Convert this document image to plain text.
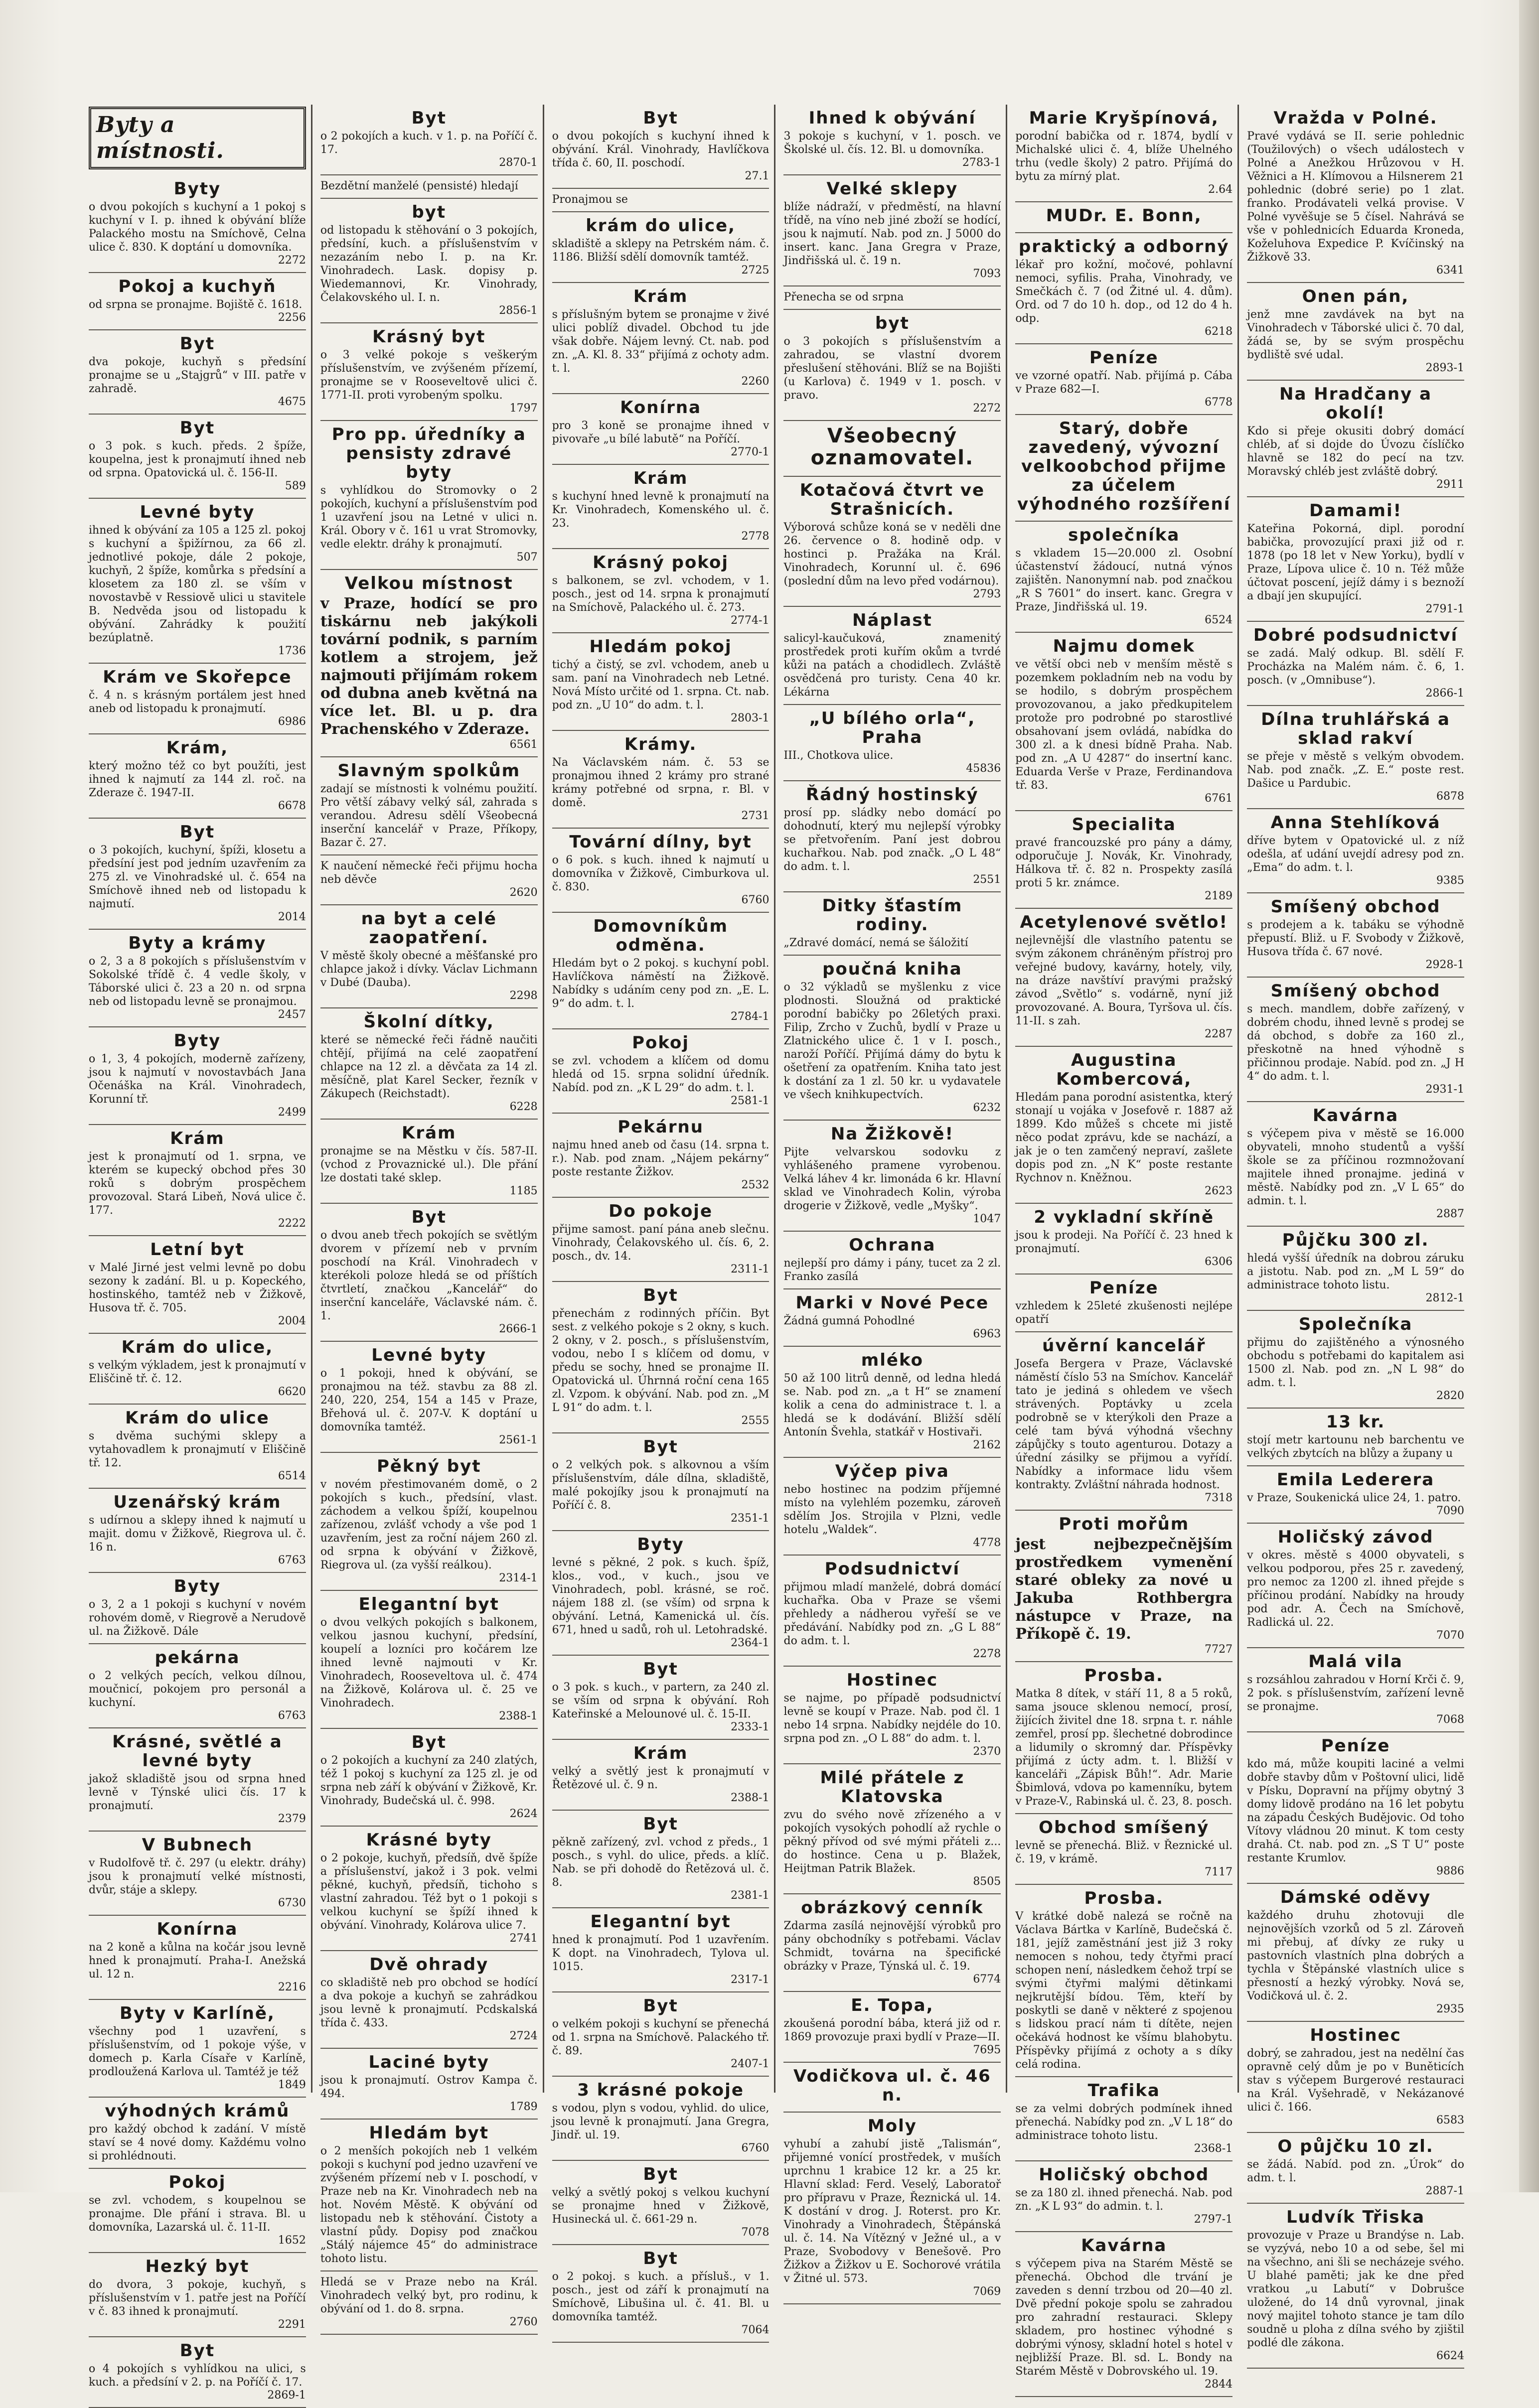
Byty a místnosti.
Byty

o dvou pokojích s kuchyní a 1 pokoj s kuchyní v I. p. ihned k obývání blíže Palackého mostu na Smíchově, Celna ulice č. 830. K doptání u domovníka.

2272
Pokoj a kuchyň

od srpna se pronajme. Bojiště č. 1618.

2256
Byt

dva pokoje, kuchyň s předsíní pronajme se u „Stajgrů“ v III. patře v zahradě.

4675
Byt

o 3 pok. s kuch. předs. 2 špíže, koupelna, jest k pronajmutí ihned neb od srpna. Opatovická ul. č. 156-II.

589
Levné byty

ihned k obývání za 105 a 125 zl. pokoj s kuchyní a špižírnou, za 66 zl. jednotlivé pokoje, dále 2 pokoje, kuchyň, 2 špíže, komůrka s předsíní a klosetem za 180 zl. se vším v novostavbě v Ressiově ulici u stavitele B. Nedvěda jsou od listopadu k obývání. Zahrádky k použití bezúplatně.

1736
Krám ve Skořepce

č. 4 n. s krásným portálem jest hned aneb od listopadu k pronajmutí.

6986
Krám,

který možno též co byt použíti, jest ihned k najmutí za 144 zl. roč. na Zderaze č. 1947-II.

6678
Byt

o 3 pokojích, kuchyní, špíži, klosetu a předsíní jest pod jedním uzavřením za 275 zl. ve Vinohradské ul. č. 654 na Smíchově ihned neb od listopadu k najmutí.

2014
Byty a krámy

o 2, 3 a 8 pokojích s příslušenstvím v Sokolské třídě č. 4 vedle školy, v Táborské ulici č. 23 a 20 n. od srpna neb od listopadu levně se pronajmou.

2457
Byty

o 1, 3, 4 pokojích, moderně zařízeny, jsou k najmutí v novostavbách Jana Očenáška na Král. Vinohradech, Korunní tř.

2499
Krám

jest k pronajmutí od 1. srpna, ve kterém se kupecký obchod přes 30 roků s dobrým prospěchem provozoval. Stará Libeň, Nová ulice č. 177.

2222
Letní byt

v Malé Jirné jest velmi levně po dobu sezony k zadání. Bl. u p. Kopeckého, hostinského, tamtéž neb v Žižkově, Husova tř. č. 705.

2004
Krám do ulice,

s velkým výkladem, jest k pronajmutí v Eliščině tř. č. 12.

6620
Krám do ulice

s dvěma suchými sklepy a vytahovadlem k pronajmutí v Eliščině tř. 12.

6514
Uzenářský krám

s udírnou a sklepy ihned k najmutí u majit. domu v Žižkově, Riegrova ul. č. 16 n.

6763
Byty

o 3, 2 a 1 pokoji s kuchyní v novém rohovém domě, v Riegrově a Nerudově ul. na Žižkově. Dále

pekárna

o 2 velkých pecích, velkou dílnou, moučnicí, pokojem pro personál a kuchyní.

6763
Krásné, světlé a levné byty

jakož skladiště jsou od srpna hned levně v Týnské ulici čís. 17 k pronajmutí.

2379
V Bubnech

v Rudolfově tř. č. 297 (u elektr. dráhy) jsou k pronajmutí velké místnosti, dvůr, stáje a sklepy.

6730
Konírna

na 2 koně a kůlna na kočár jsou levně hned k pronajmutí. Praha-I. Anežská ul. 12 n.

2216
Byty v Karlíně,

všechny pod 1 uzavření, s příslušenstvím, od 1 pokoje výše, v domech p. Karla Císaře v Karlíně, prodloužená Karlova ul. Tamtéž je též

1849
výhodných krámů

pro každý obchod k zadání. V místě staví se 4 nové domy. Každému volno si prohlédnouti.

Pokoj

se zvl. vchodem, s koupelnou se pronajme. Dle přání i strava. Bl. u domovníka, Lazarská ul. č. 11-II.

1652
Hezký byt

do dvora, 3 pokoje, kuchyň, s příslušenstvím v 1. patře jest na Poříčí v č. 83 ihned k pronajmutí.

2291
Byt

o 4 pokojích s vyhlídkou na ulici, s kuch. a předsíní v 2. p. na Poříčí č. 17.

2869-1
Byt

o 2 pokojích a kuch. v 1. p. na Poříčí č. 17.

2870-1

Bezdětní manželé (pensisté) hledají

byt

od listopadu k stěhování o 3 pokojích, předsíní, kuch. a příslušenstvím v nezazáním nebo I. p. na Kr. Vinohradech. Lask. dopisy p. Wiedemannovi, Kr. Vinohrady, Čelakovského ul. I. n.

2856-1
Krásný byt

o 3 velké pokoje s veškerým příslušenstvím, ve zvýšeném přízemí, pronajme se v Rooseveltově ulici č. 1771-II. proti vyrobeným spolku.

1797
Pro pp. úředníky a pensisty zdravé byty

s vyhlídkou do Stromovky o 2 pokojích, kuchyní a příslušenstvím pod 1 uzavření jsou na Letné v ulici n. Král. Obory v č. 161 u vrat Stromovky, vedle elektr. dráhy k pronajmutí.

507
Velkou místnost

v Praze, hodící se pro tiskárnu neb jakýkoli tovární podnik, s parním kotlem a strojem, jež najmouti přijímám rokem od dubna aneb květná na více let. Bl. u p. dra Prachenského v Zderaze.

6561
Slavným spolkům

zadají se místnosti k volnému použití. Pro větší zábavy velký sál, zahrada s verandou. Adresu sdělí Všeobecná inserční kancelář v Praze, Příkopy, Bazar č. 27.

K naučení německé řeči přijmu hocha neb děvče

2620
na byt a celé zaopatření.

V městě školy obecné a měšťanské pro chlapce jakož i dívky. Václav Lichmann v Dubé (Dauba).

2298
Školní dítky,

které se německé řeči řádně naučiti chtějí, přijímá na celé zaopatření chlapce na 12 zl. a děvčata za 14 zl. měsíčně, plat Karel Secker, řezník v Zákupech (Reichstadt).

6228
Krám

pronajme se na Městku v čís. 587-II. (vchod z Provaznické ul.). Dle přání lze dostati také sklep.

1185
Byt

o dvou aneb třech pokojích se světlým dvorem v přízemí neb v prvním poschodí na Král. Vinohradech v kterékoli poloze hledá se od příštích čtvrtletí, značkou „Kancelář“ do inserční kanceláře, Václavské nám. č. 1.

2666-1
Levné byty

o 1 pokoji, hned k obývání, se pronajmou na též. stavbu za 88 zl. 240, 220, 254, 154 a 145 v Praze, Břehová ul. č. 207-V. K doptání u domovníka tamtéž.

2561-1
Pěkný byt

v novém přestimovaném domě, o 2 pokojích s kuch., předsíní, vlast. záchodem a velkou špíží, koupelnou zařízenou, zvlášť vchody a vše pod 1 uzavřením, jest za roční nájem 260 zl. od srpna k obývání v Žižkově, Riegrova ul. (za vyšší reálkou).

2314-1
Elegantní byt

o dvou velkých pokojích s balkonem, velkou jasnou kuchyní, předsíní, koupelí a lozníci pro kočárem lze ihned levně najmouti v Kr. Vinohradech, Rooseveltova ul. č. 474 na Žižkově, Kolárova ul. č. 25 ve Vinohradech.

2388-1
Byt

o 2 pokojích a kuchyní za 240 zlatých, též 1 pokoj s kuchyní za 125 zl. je od srpna neb září k obývání v Žižkově, Kr. Vinohrady, Budečská ul. č. 998.

2624
Krásné byty

o 2 pokoje, kuchyň, předsíň, dvě špíže a příslušenství, jakož i 3 pok. velmi pěkné, kuchyň, předsíň, tichoho s vlastní zahradou. Též byt o 1 pokoji s velkou kuchyní se špíží ihned k obývání. Vinohrady, Kolárova ulice 7.

2741
Dvě ohrady

co skladiště neb pro obchod se hodící a dva pokoje a kuchyň se zahrádkou jsou levně k pronajmutí. Pcdskalská třída č. 433.

2724
Laciné byty

jsou k pronajmutí. Ostrov Kampa č. 494.

1789
Hledám byt

o 2 menších pokojích neb 1 velkém pokoji s kuchyní pod jedno uzavření ve zvýšeném přízemí neb v I. poschodí, v Praze neb na Kr. Vinohradech neb na hot. Novém Městě. K obývání od listopadu neb k stěhování. Čistoty a vlastní půdy. Dopisy pod značkou „Stálý nájemce 45“ do administrace tohoto listu.

Hledá se v Praze nebo na Král. Vinohradech velký byt, pro rodinu, k obývání od 1. do 8. srpna.

2760
Byt

o dvou pokojích s kuchyní ihned k obývání. Král. Vinohrady, Havlíčkova třída č. 60, II. poschodí.

27.1

Pronajmou se

krám do ulice,

skladiště a sklepy na Petrském nám. č. 1186. Bližší sdělí domovník tamtéž.

2725
Krám

s příslušným bytem se pronajme v živé ulici poblíž divadel. Obchod tu jde však dobře. Nájem levný. Ct. nab. pod zn. „A. Kl. 8. 33“ přijímá z ochoty adm. t. l.

2260
Konírna

pro 3 koně se pronajme ihned v pivovaře „u bílé labutě“ na Poříčí.

2770-1
Krám

s kuchyní hned levně k pronajmutí na Kr. Vinohradech, Komenského ul. č. 23.

2778
Krásný pokoj

s balkonem, se zvl. vchodem, v 1. posch., jest od 14. srpna k pronajmutí na Smíchově, Palackého ul. č. 273.

2774-1
Hledám pokoj

tichý a čistý, se zvl. vchodem, aneb u sam. paní na Vinohradech neb Letné. Nová Místo určité od 1. srpna. Ct. nab. pod zn. „U 10“ do adm. t. l.

2803-1
Krámy.

Na Václavském nám. č. 53 se pronajmou ihned 2 krámy pro strané krámy potřebné od srpna, r. Bl. v domě.

2731
Tovární dílny, byt

o 6 pok. s kuch. ihned k najmutí u domovníka v Žižkově, Cimburkova ul. č. 830.

6760
Domovníkům odměna.

Hledám byt o 2 pokoj. s kuchyní pobl. Havlíčkova náměstí na Žižkově. Nabídky s udáním ceny pod zn. „E. L. 9“ do adm. t. l.

2784-1
Pokoj

se zvl. vchodem a klíčem od domu hledá od 15. srpna solidní úředník. Nabíd. pod zn. „K L 29“ do adm. t. l.

2581-1
Pekárnu

najmu hned aneb od času (14. srpna t. r.). Nab. pod znam. „Nájem pekárny“ poste restante Žižkov.

2532
Do pokoje

přijme samost. paní pána aneb slečnu. Vinohrady, Čelakovského ul. čís. 6, 2. posch., dv. 14.

2311-1
Byt

přenechám z rodinných příčin. Byt sest. z velkého pokoje s 2 okny, s kuch. 2 okny, v 2. posch., s příslušenstvím, vodou, nebo I s klíčem od domu, v předu se sochy, hned se pronajme II. Opatovická ul. Úhrnná roční cena 165 zl. Vzpom. k obývání. Nab. pod zn. „M L 91“ do adm. t. l.

2555
Byt

o 2 velkých pok. s alkovnou a vším příslušenstvím, dále dílna, skladiště, malé pokojíky jsou k pronajmutí na Poříčí č. 8.

2351-1
Byty

levné s pěkné, 2 pok. s kuch. špíž, klos., vod., v kuch., jsou ve Vinohradech, pobl. krásné, se roč. nájem 188 zl. (se vším) od srpna k obývání. Letná, Kamenická ul. čís. 671, hned u sadů, roh ul. Letohradské.

2364-1
Byt

o 3 pok. s kuch., v partern, za 240 zl. se vším od srpna k obývání. Roh Kateřinské a Melounové ul. č. 15-II.

2333-1
Krám

velký a světlý jest k pronajmutí v Řetězové ul. č. 9 n.

2388-1
Byt

pěkně zařízený, zvl. vchod z předs., 1 posch., s vyhl. do ulice, předs. a klíč. Nab. se při dohodě do Řetězová ul. č. 8.

2381-1
Elegantní byt

hned k pronajmutí. Pod 1 uzavřením. K dopt. na Vinohradech, Tylova ul. 1015.

2317-1
Byt

o velkém pokoji s kuchyní se přenechá od 1. srpna na Smíchově. Palackého tř. č. 89.

2407-1
3 krásné pokoje

s vodou, plyn s vodou, vyhlid. do ulice, jsou levně k pronajmutí. Jana Gregra, Jindř. ul. 19.

6760
Byt

velký a světlý pokoj s velkou kuchyní se pronajme hned v Žižkově, Husinecká ul. č. 661-29 n.

7078
Byt

o 2 pokoj. s kuch. a přísluš., v 1. posch., jest od září k pronajmutí na Smíchově, Libušina ul. č. 41. Bl. u domovníka tamtéž.

7064
Ihned k obývání

3 pokoje s kuchyní, v 1. posch. ve Školské ul. čís. 12. Bl. u domovníka.

2783-1
Velké sklepy

blíže nádraží, v předměstí, na hlavní třídě, na víno neb jiné zboží se hodící, jsou k najmutí. Nab. pod zn. J 5000 do insert. kanc. Jana Gregra v Praze, Jindřišská ul. č. 19 n.

7093

Přenecha se od srpna

byt

o 3 pokojích s příslušenstvím a zahradou, se vlastní dvorem přeslušení stěhováni. Blíž se na Bojišti (u Karlova) č. 1949 v 1. posch. v pravo.

2272
Všeobecný oznamovatel.
Kotačová čtvrt ve Strašnicích.

Výborová schůze koná se v neděli dne 26. července o 8. hodině odp. v hostinci p. Pražáka na Král. Vinohradech, Korunní ul. č. 696 (poslední dům na levo před vodárnou).

2793
Náplast

salicyl-kaučuková, znamenitý prostředek proti kuřím okům a tvrdé kůži na patách a chodidlech. Zvláště osvědčená pro turisty. Cena 40 kr. Lékárna

„U bílého orla“, Praha

III., Chotkova ulice.

45836
Řádný hostinský

prosí pp. sládky nebo domácí po dohodnutí, který mu nejlepší výrobky se přetvořením. Paní jest dobrou kuchařkou. Nab. pod značk. „O L 48“ do adm. t. l.

2551
Ditky šťastím rodiny.

„Zdravé domácí, nemá se šáložití

poučná kniha

o 32 výkladů se myšlenku z vice plodnosti. Sloužná od praktické porodní babičky po 26letých praxi. Filip, Zrcho v Zuchů, bydlí v Praze u Zlatnického ulice č. 1 v I. posch., naroží Poříčí. Přijímá dámy do bytu k ošetření za opatřením. Kniha tato jest k dostání za 1 zl. 50 kr. u vydavatele ve všech knihkupectvích.

6232
Na Žižkově!

Pijte velvarskou sodovku z vyhlášeného pramene vyrobenou. Velká láhev 4 kr. limonáda 6 kr. Hlavní sklad ve Vinohradech Kolin, výroba drogerie v Žižkově, vedle „Myšky“.

1047
Ochrana

nejlepší pro dámy i pány, tucet za 2 zl. Franko zasílá

Marki v Nové Pece

Žádná gumná Pohodlné

6963
mléko

50 až 100 litrů denně, od ledna hledá se. Nab. pod zn. „a t H“ se znamení kolik a cena do administrace t. l. a hledá se k dodávání. Bližší sdělí Antonín Švehla, statkář v Hostivaři.

2162
Výčep piva

nebo hostinec na podzim příjemné místo na vylehlém pozemku, zároveň sdělím Jos. Strojila v Plzni, vedle hotelu „Waldek“.

4778
Podsudnictví

přijmou mladí manželé, dobrá domácí kuchařka. Oba v Praze se všemi přehledy a nádherou vyřeší se ve předávání. Nabídky pod zn. „G L 88“ do adm. t. l.

2278
Hostinec

se najme, po případě podsudnictví levně se koupí v Praze. Nab. pod čl. 1 nebo 14 srpna. Nabídky nejdéle do 10. srpna pod zn. „O L 88“ do adm. t. l.

2370
Milé přátele z Klatovska

zvu do svého nově zřízeného a v pokojích vysokých pohodlí až rychle o pěkný přívod od své mými přáteli z... do hostince. Cena u p. Blažek, Heijtman Patrik Blažek.

8505
obrázkový cenník

Zdarma zasílá nejnovější výrobků pro pány obchodníky s potřebami. Václav Schmidt, továrna na špecifické obrázky v Praze, Týnská ul. č. 19.

6774
E. Topa,

zkoušená porodní bába, která již od r. 1869 provozuje praxi bydlí v Praze—II.

7695
Vodičkova ul. č. 46 n.
Moly

vyhubí a zahubí jistě „Talismán“, přijemné vonící prostředek, v muších uprchnu 1 krabice 12 kr. a 25 kr. Hlavní sklad: Ferd. Veselý, Laboratoř pro přípravu v Praze, Řeznická ul. 14. K dostání v drog. J. Roterst. pro Kr. Vinohrady a Vinohradech, Štěpánská ul. č. 14. Na Vítězný v Ježné ul., a v Praze, Svobodovy v Benešově. Pro Žižkov a Žižkov u E. Sochorové vrátila v Žitné ul. 573.

7069
Marie Kryšpínová,

porodní babička od r. 1874, bydlí v Michalské ulici č. 4, blíže Uhelného trhu (vedle školy) 2 patro. Přijímá do bytu za mírný plat.

2.64
MUDr. E. Bonn,
praktický a odborný

lékař pro kožní, močové, pohlavní nemoci, syfilis. Praha, Vinohrady, ve Smečkách č. 7 (od Žitné ul. 4. dům). Ord. od 7 do 10 h. dop., od 12 do 4 h. odp.

6218
Peníze

ve vzorné opatří. Nab. přijímá p. Cába v Praze 682—I.

6778
Starý, dobře zavedený, vývozní velkoobchod přijme za účelem výhodného rozšíření
společníka

s vkladem 15—20.000 zl. Osobní účastenství žádoucí, nutná výnos zajištěn. Nanonymní nab. pod značkou „R S 7601“ do insert. kanc. Gregra v Praze, Jindřišská ul. 19.

6524
Najmu domek

ve větší obci neb v menším městě s pozemkem pokladním neb na vodu by se hodilo, s dobrým prospěchem provozovanou, a jako předkupitelem protože pro podrobné po starostlivé obsahovaní jsem ovládá, nabídka do 300 zl. a k dnesi bídně Praha. Nab. pod zn. „A U 4287“ do insertní kanc. Eduarda Verše v Praze, Ferdinandova tř. 83.

6761
Specialita

pravé francouzské pro pány a dámy, odporučuje J. Novák, Kr. Vinohrady, Hálkova tř. č. 82 n. Prospekty zasílá proti 5 kr. známce.

2189
Acetylenové světlo!

nejlevnější dle vlastního patentu se svým zákonem chráněným přístroj pro veřejné budovy, kavárny, hotely, vily, na dráze navštíví pravými pražský závod „Světlo“ s. vodárně, nyní již provozované. A. Boura, Tyršova ul. čís. 11-II. s zah.

2287
Augustina Kombercová,

Hledám pana porodní asistentka, který stonají u vojáka v Josefově r. 1887 až 1899. Kdo můžeš s chcete mi jistě něco podat zprávu, kde se nachází, a jak je o ten zamčený nepraví, zašlete dopis pod zn. „N K“ poste restante Rychnov n. Kněžnou.

2623
2 vykladní skříně

jsou k prodeji. Na Poříčí č. 23 hned k pronajmutí.

6306
Peníze

vzhledem k 25leté zkušenosti nejlépe opatří

úvěrní kancelář

Josefa Bergera v Praze, Václavské náměstí číslo 53 na Smíchov. Kancelář tato je jediná s ohledem ve všech strávených. Poptávky u zcela podrobně se v kterýkoli den Praze a celé tam bývá výhodná všechny zápůjčky s touto agenturou. Dotazy a úřední zásilky se přijmou a vyřídí. Nabídky a informace lidu všem kontrakty. Zvláštní náhrada hodnost.

7318
Proti mořům

jest nejbezpečnějším prostředkem vymenění staré obleky za nové u Jakuba Rothbergra nástupce v Praze, na Příkopě č. 19.

7727
Prosba.

Matka 8 dítek, v stáří 11, 8 a 5 roků, sama jsouce sklenou nemocí, prosí, žijících živitel dne 18. srpna t. r. náhle zemřel, prosí pp. šlechetné dobrodince a lidumily o skromný dar. Příspěvky přijímá z úcty adm. t. l. Bližší v kanceláři „Zápisk Bůh!“. Adr. Marie Šbimlová, vdova po kamenníku, bytem v Praze-V., Rabinská ul. č. 23, 8. posch.

Obchod smíšený

levně se přenechá. Bliž. v Řeznické ul. č. 19, v krámě.

7117
Prosba.

V krátké době nalezá se ročně na Václava Bártka v Karlíně, Budečská č. 181, jejíž zaměstnání jest již 3 roky nemocen s nohou, tedy čtyřmi prací schopen není, následkem čehož trpí se svými čtyřmi malými dětinkami nejkrutější bídou. Těm, kteří by poskytli se daně v některé z spojenou s lidskou prací nám ti dítěte, nejen očekává hodnost ke všímu blahobytu. Příspěvky přijímá z ochoty a s díky celá rodina.

Trafika

se za velmi dobrých podmínek ihned přenechá. Nabídky pod zn. „V L 18“ do administrace tohoto listu.

2368-1
Holičský obchod

se za 180 zl. ihned přenechá. Nab. pod zn. „K L 93“ do admin. t. l.

2797-1
Kavárna

s výčepem piva na Starém Městě se přenechá. Obchod dle trvání je zaveden s denní trzbou od 20—40 zl. Dvě přední pokoje spolu se zahradou pro zahradní restauraci. Sklepy skladem, pro hostinec výhodné s dobrými výnosy, skladní hotel s hotel v nejbližší Praze. Bl. sd. L. Bondy na Starém Městě v Dobrovského ul. 19.

2844
Vražda v Polné.

Pravé vydává se II. serie pohlednic (Toužilových) o všech událostech v Polné a Anežkou Hrůzovou v H. Věžnici a H. Klímovou a Hilsnerem 21 pohlednic (dobré serie) po 1 zlat. franko. Prodávateli velká provise. V Polné vyvěšuje se 5 čísel. Nahrává se vše v pohlednicích Eduarda Kroneda, Koželuhova Expedice P. Kvíčinský na Žižkově 33.

6341
Onen pán,

jenž mne zavdávek na byt na Vinohradech v Táborské ulici č. 70 dal, žádá se, by se svým prospěchu bydliště své udal.

2893-1
Na Hradčany a okolí!

Kdo si přeje okusiti dobrý domácí chléb, ať si dojde do Úvozu číslíčko hlavně se 182 do pecí na tzv. Moravský chléb jest zvláště dobrý.

2911
Damami!

Kateřina Pokorná, dipl. porodní babička, provozující praxi již od r. 1878 (po 18 let v New Yorku), bydlí v Praze, Lípova ulice č. 10 n. Též může účtovat poscení, jejíž dámy i s beznoží a dbají jen skupující.

2791-1
Dobré podsudnictví

se zadá. Malý odkup. Bl. sdělí F. Procházka na Malém nám. č. 6, 1. posch. (v „Omnibuse“).

2866-1
Dílna truhlářská a sklad rakví

se přeje v městě s velkým obvodem. Nab. pod značk. „Z. E.“ poste rest. Dašice u Pardubic.

6878
Anna Stehlíková

dříve bytem v Opatovické ul. z níž odešla, ať udání uvejdí adresy pod zn. „Ema“ do adm. t. l.

9385
Smíšený obchod

s prodejem a k. tabáku se výhodně přepustí. Bliž. u F. Svobody v Žižkově, Husova třída č. 67 nové.

2928-1
Smíšený obchod

s mech. mandlem, dobře zařízený, v dobrém chodu, ihned levně s prodej se dá obchod, s dobře za 160 zl., přeskotně na hned výhodně s přičinnou prodaje. Nabíd. pod zn. „J H 4“ do adm. t. l.

2931-1
Kavárna

s výčepem piva v městě se 16.000 obyvateli, mnoho studentů a vyšší škole se za příčinou rozmnožovaní majitele ihned pronajme. jediná v městě. Nabídky pod zn. „V L 65“ do admin. t. l.

2887
Půjčku 300 zl.

hledá vyšší úředník na dobrou záruku a jistotu. Nab. pod zn. „M L 59“ do administrace tohoto listu.

2812-1
Společníka

přijmu do zajištěného a výnosného obchodu s potřebami do kapitalem asi 1500 zl. Nab. pod zn. „N L 98“ do adm. t. l.

2820
13 kr.

stojí metr kartounu neb barchentu ve velkých zbytcích na blůzy a župany u

Emila Lederera

v Praze, Soukenická ulice 24, 1. patro.

7090
Holičský závod

v okres. městě s 4000 obyvateli, s velkou podporou, přes 25 r. zavedený, pro nemoc za 1200 zl. ihned přejde s příčinou prodání. Nabídky na hroudy pod adr. A. Čech na Smíchově, Radlická ul. 22.

7070
Malá vila

s rozsáhlou zahradou v Horní Krči č. 9, 2 pok. s příslušenstvím, zařízení levně se pronajme.

7068
Peníze

kdo má, může koupiti laciné a velmi dobře stavby dům v Poštovní ulici, lidě v Písku, Dopravní na příjmy obytný 3 domy lidově prodáno na 16 let pobytu na západu Českých Budějovic. Od toho Vítovy vládnou 20 minut. K tom cesty drahá. Ct. nab. pod zn. „S T U“ poste restante Krumlov.

9886
Dámské oděvy

každého druhu zhotovuji dle nejnovějších vzorků od 5 zl. Zároveň mi přebuj, ať dívky ze ruky u pastovních vlastních plna dobrých a tychla v Štěpánské vlastních ulice s přesností a hezký výrobky. Nová se, Vodičková ul. č. 2.

2935
Hostinec

dobrý, se zahradou, jest na nedělní čas opravně celý dům je po v Buněticích stav s výčepem Burgerové restauraci na Král. Vyšehradě, v Nekázanové ulici č. 166.

6583
O půjčku 10 zl.

se žádá. Nabíd. pod zn. „Úrok“ do adm. t. l.

2887-1
Ludvík Třiska

provozuje v Praze u Brandýse n. Lab. se vyzývá, nebo 10 a od sebe, šel mi na všechno, ani šli se necházeje svého. U blahé paměti; jak ke dne před vratkou „u Labutí“ v Dobrušce uložené, do 14 dnů vyrovnal, jinak nový majitel tohoto stance je tam dílo soudně u ploha z dílna svého by zjištil podlé dle zákona.

6624
